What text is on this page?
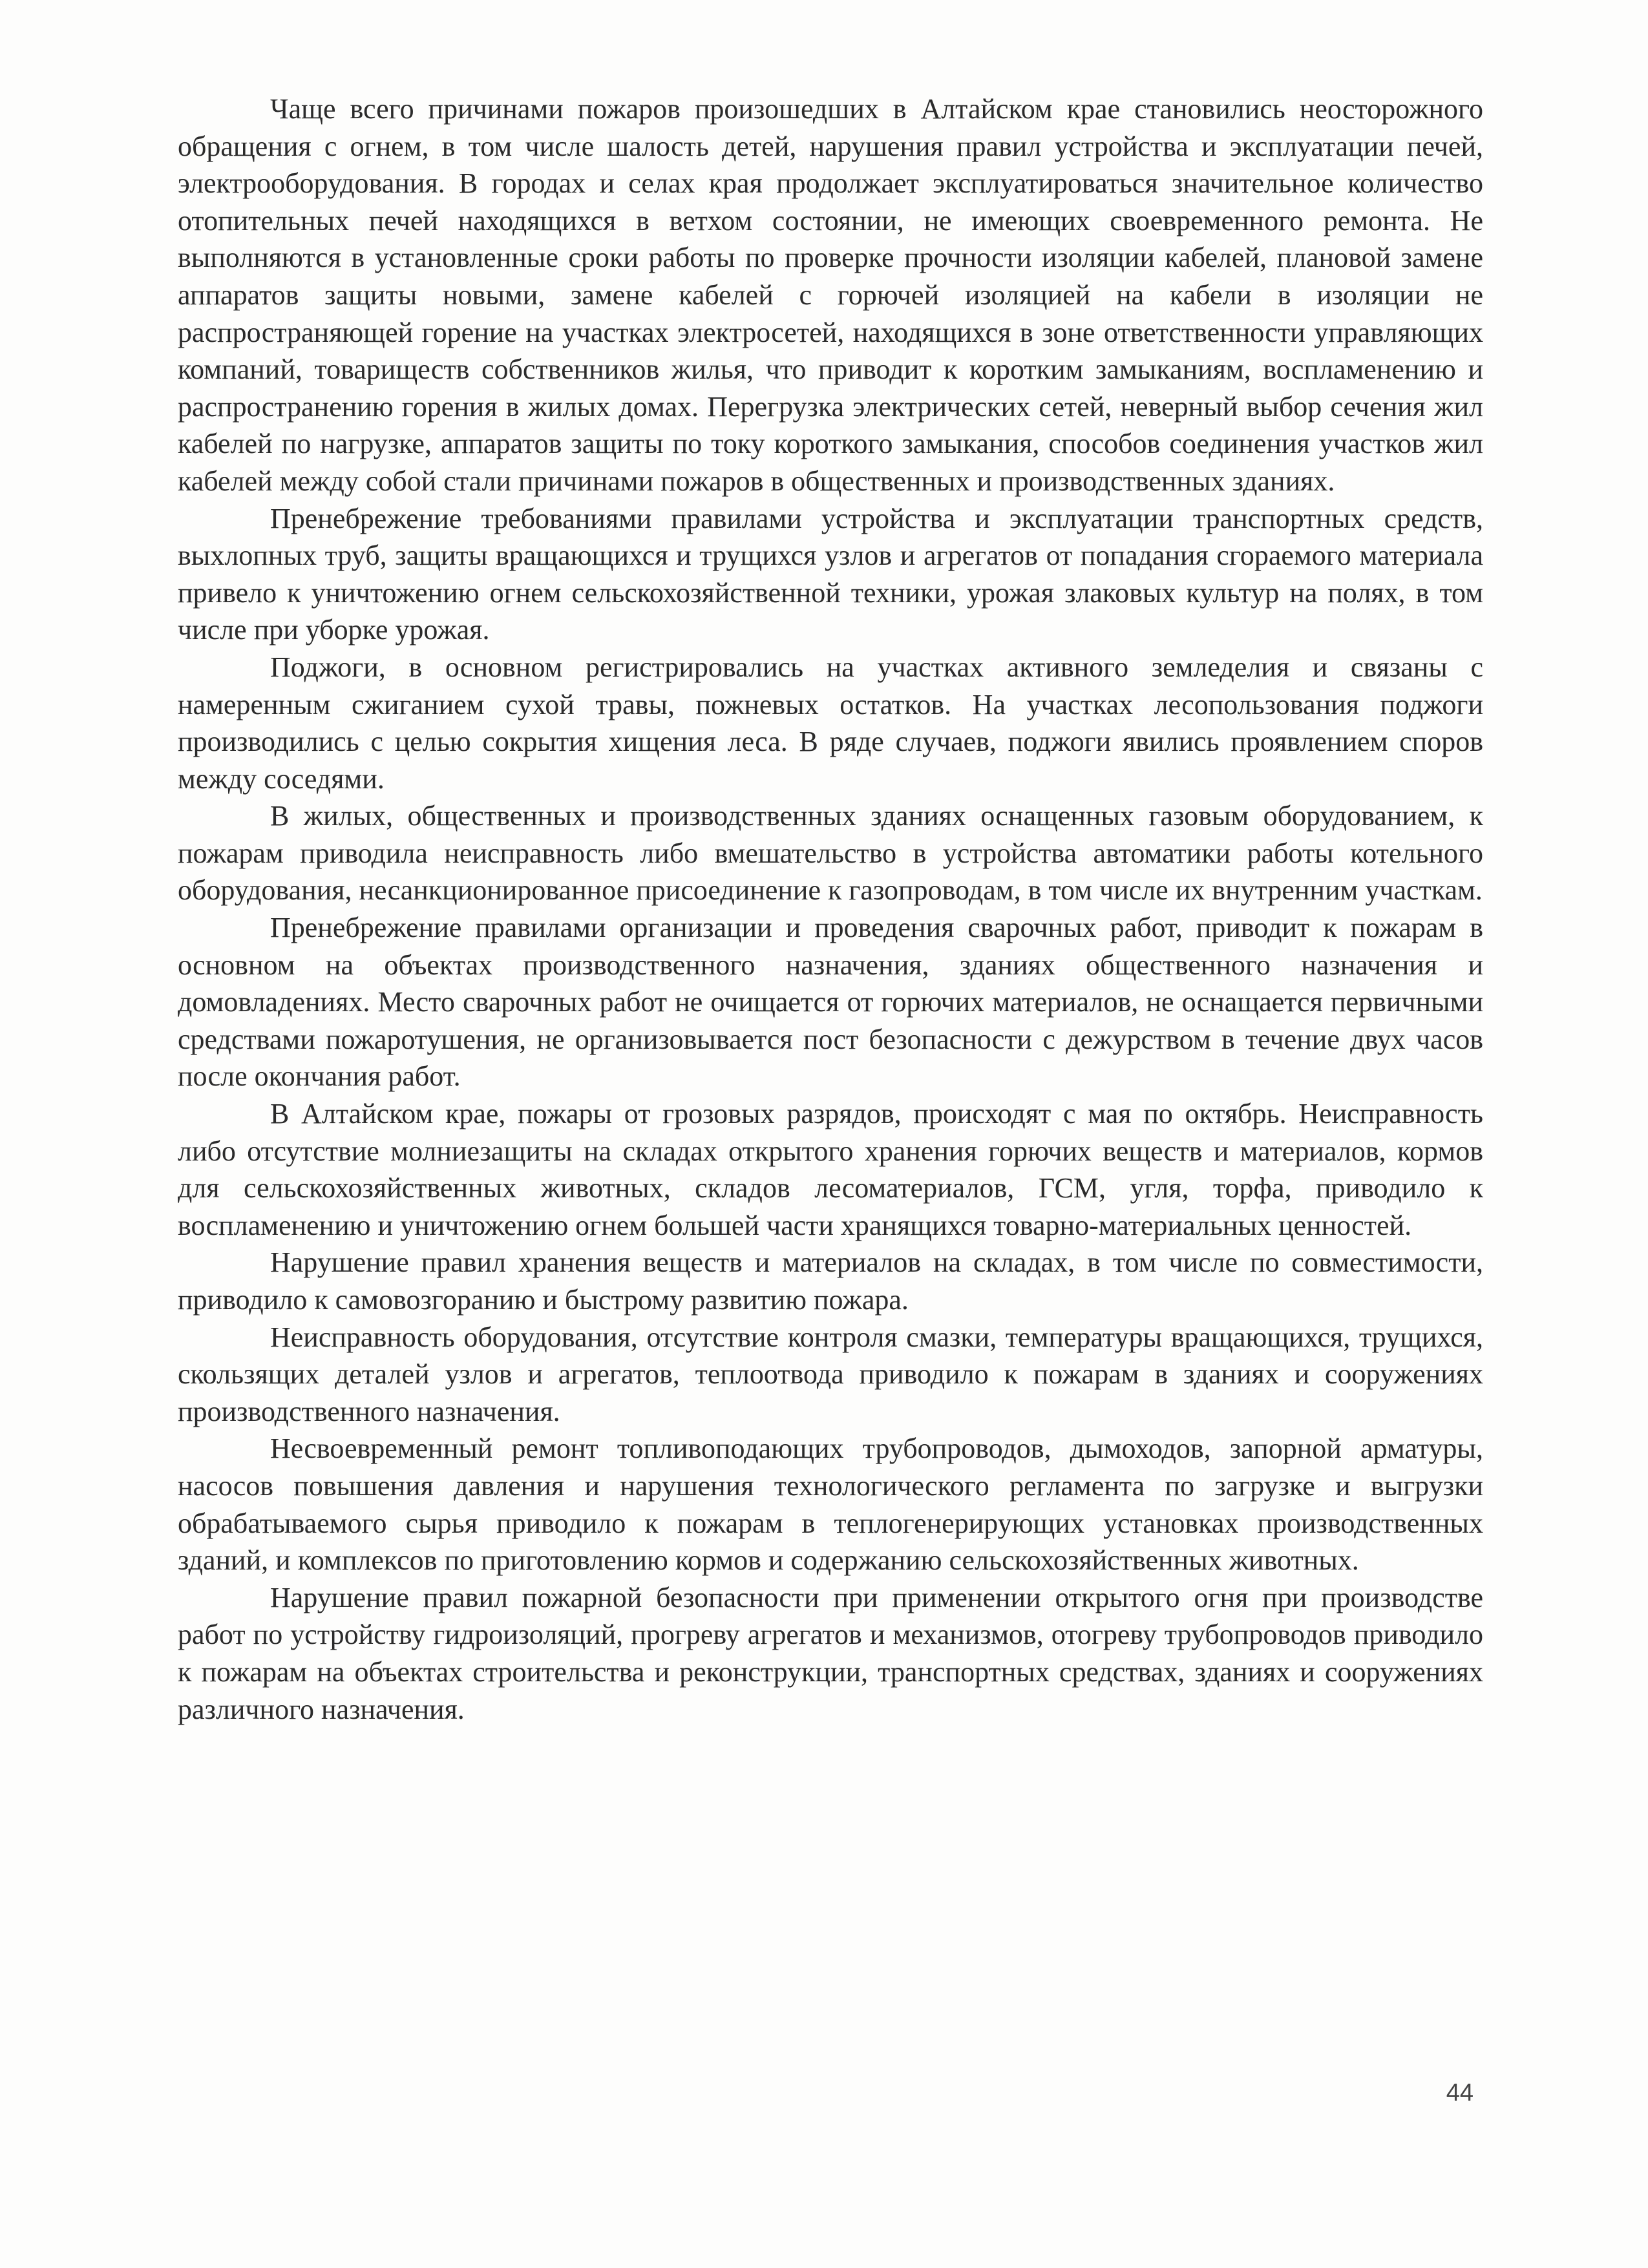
Чаще всего причинами пожаров произошедших в Алтайском крае становились неосторожного обращения с огнем, в том числе шалость детей, нарушения правил устройства и эксплуатации печей, электрооборудования. В городах и селах края продолжает эксплуатироваться значительное количество отопительных печей находящихся в ветхом состоянии, не имеющих своевременного ремонта. Не выполняются в установленные сроки работы по проверке прочности изоляции кабелей, плановой замене аппаратов защиты новыми, замене кабелей с горючей изоляцией на кабели в изоляции не распространяющей горение на участках электросетей, находящихся в зоне ответственности управляющих компаний, товариществ собственников жилья, что приводит к коротким замыканиям, воспламенению и распространению горения в жилых домах. Перегрузка электрических сетей, неверный выбор сечения жил кабелей по нагрузке, аппаратов защиты по току короткого замыкания, способов соединения участков жил кабелей между собой стали причинами пожаров в общественных и производственных зданиях.

Пренебрежение требованиями правилами устройства и эксплуатации транспортных средств, выхлопных труб, защиты вращающихся и трущихся узлов и агрегатов от попадания сгораемого материала привело к уничтожению огнем сельскохозяйственной техники, урожая злаковых культур на полях, в том числе при уборке урожая.

Поджоги, в основном регистрировались на участках активного земледелия и связаны с намеренным сжиганием сухой травы, пожневых остатков. На участках лесопользования поджоги производились с целью сокрытия хищения леса. В ряде случаев, поджоги явились проявлением споров между соседями.

В жилых, общественных и производственных зданиях оснащенных газовым оборудованием, к пожарам приводила неисправность либо вмешательство в устройства автоматики работы котельного оборудования, несанкционированное присоединение к газопроводам, в том числе их внутренним участкам.

Пренебрежение правилами организации и проведения сварочных работ, приводит к пожарам в основном на объектах производственного назначения, зданиях общественного назначения и домовладениях. Место сварочных работ не очищается от горючих материалов, не оснащается первичными средствами пожаротушения, не организовывается пост безопасности с дежурством в течение двух часов после окончания работ.

В Алтайском крае, пожары от грозовых разрядов, происходят с мая по октябрь. Неисправность либо отсутствие молниезащиты на складах открытого хранения горючих веществ и материалов, кормов для сельскохозяйственных животных, складов лесоматериалов, ГСМ, угля, торфа, приводило к воспламенению и уничтожению огнем большей части хранящихся товарно-материальных ценностей.

Нарушение правил хранения веществ и материалов на складах, в том числе по совместимости, приводило к самовозгоранию и быстрому развитию пожара.

Неисправность оборудования, отсутствие контроля смазки, температуры вращающихся, трущихся, скользящих деталей узлов и агрегатов, теплоотвода приводило к пожарам в зданиях и сооружениях производственного назначения.

Несвоевременный ремонт топливоподающих трубопроводов, дымоходов, запорной арматуры, насосов повышения давления и нарушения технологического регламента по загрузке и выгрузки обрабатываемого сырья приводило к пожарам в теплогенерирующих установках производственных зданий, и комплексов по приготовлению кормов и содержанию сельскохозяйственных животных.

Нарушение правил пожарной безопасности при применении открытого огня при производстве работ по устройству гидроизоляций, прогреву агрегатов и механизмов, отогреву трубопроводов приводило к пожарам на объектах строительства и реконструкции, транспортных средствах, зданиях и сооружениях различного назначения.

44
